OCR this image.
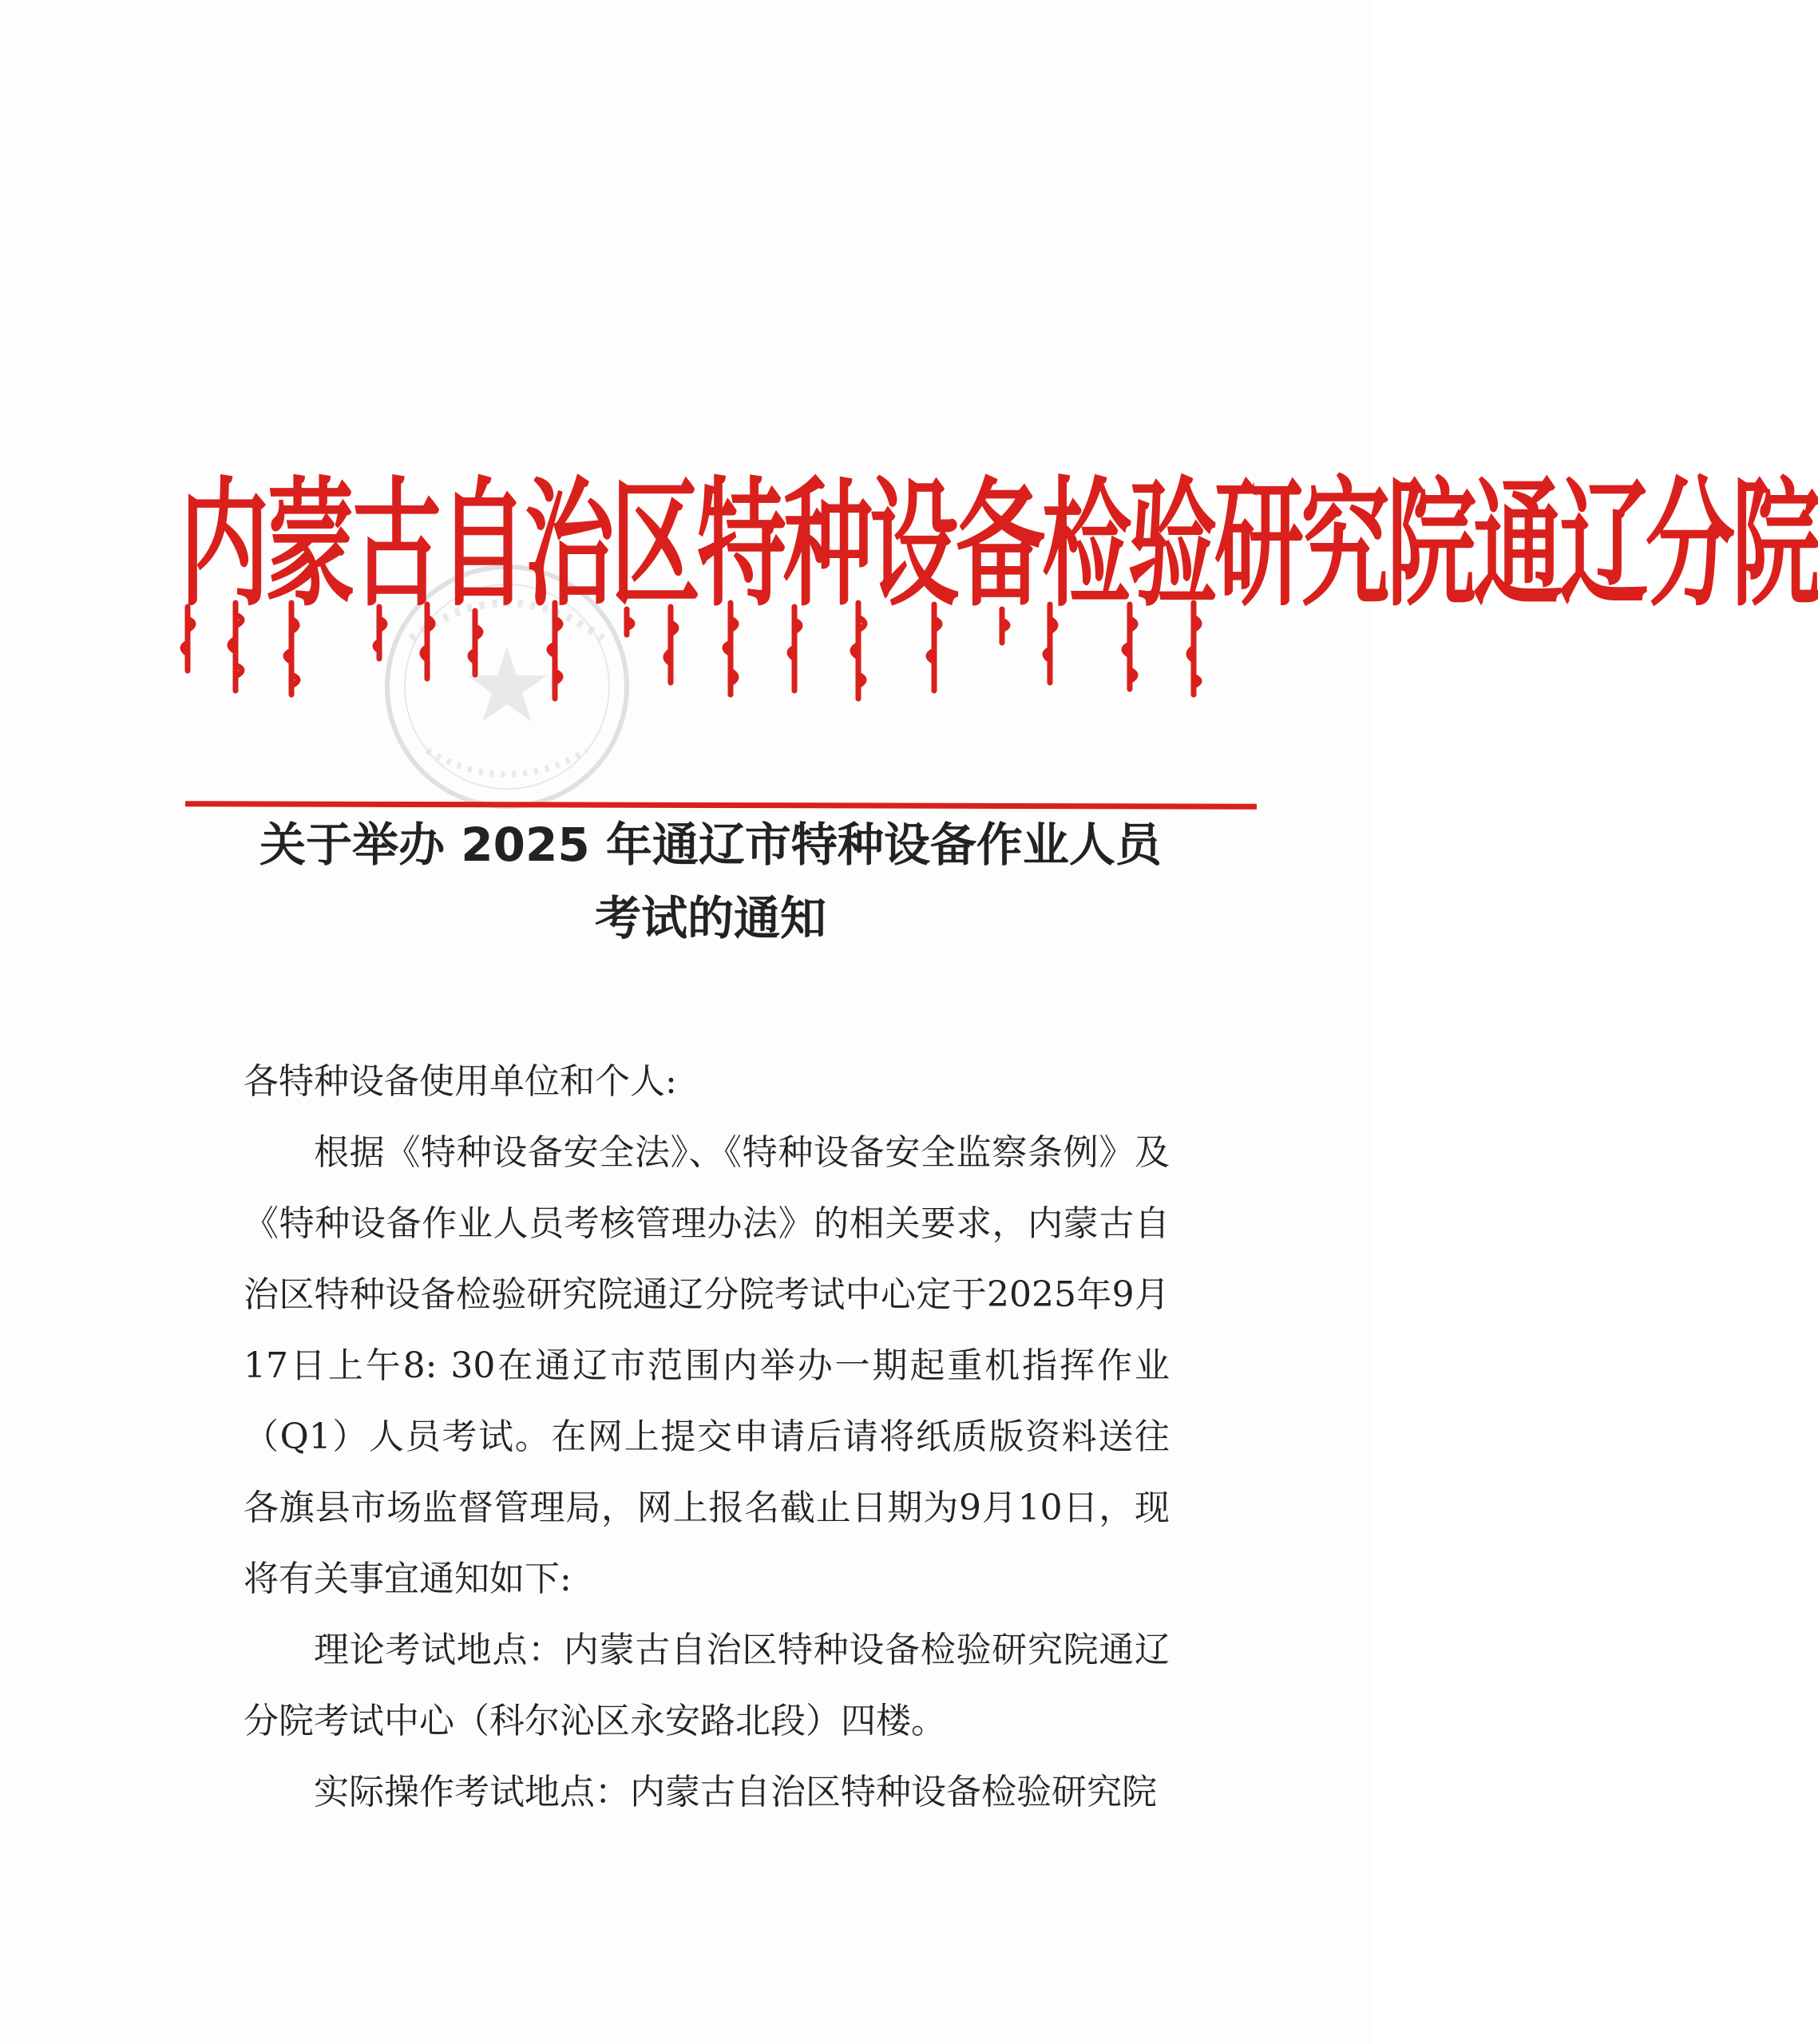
内蒙古自治区特种设备检验研究院通辽分院
关于举办 2025 年通辽市特种设备作业人员
考试的通知

各特种设备使用单位和个人:

根据《特种设备安全法》、《特种设备安全监察条例》及《特种设备作业人员考核管理办法》的相关要求，内蒙古自治区特种设备检验研究院通辽分院考试中心定于2025年9月17日上午8: 30在通辽市范围内举办一期起重机指挥作业（Q1）人员考试。在网上提交申请后请将纸质版资料送往各旗县市场监督管理局，网上报名截止日期为9月10日，现将有关事宜通知如下:

理论考试地点：内蒙古自治区特种设备检验研究院通辽分院考试中心（科尔沁区永安路北段）四楼。

实际操作考试地点：内蒙古自治区特种设备检验研究院
